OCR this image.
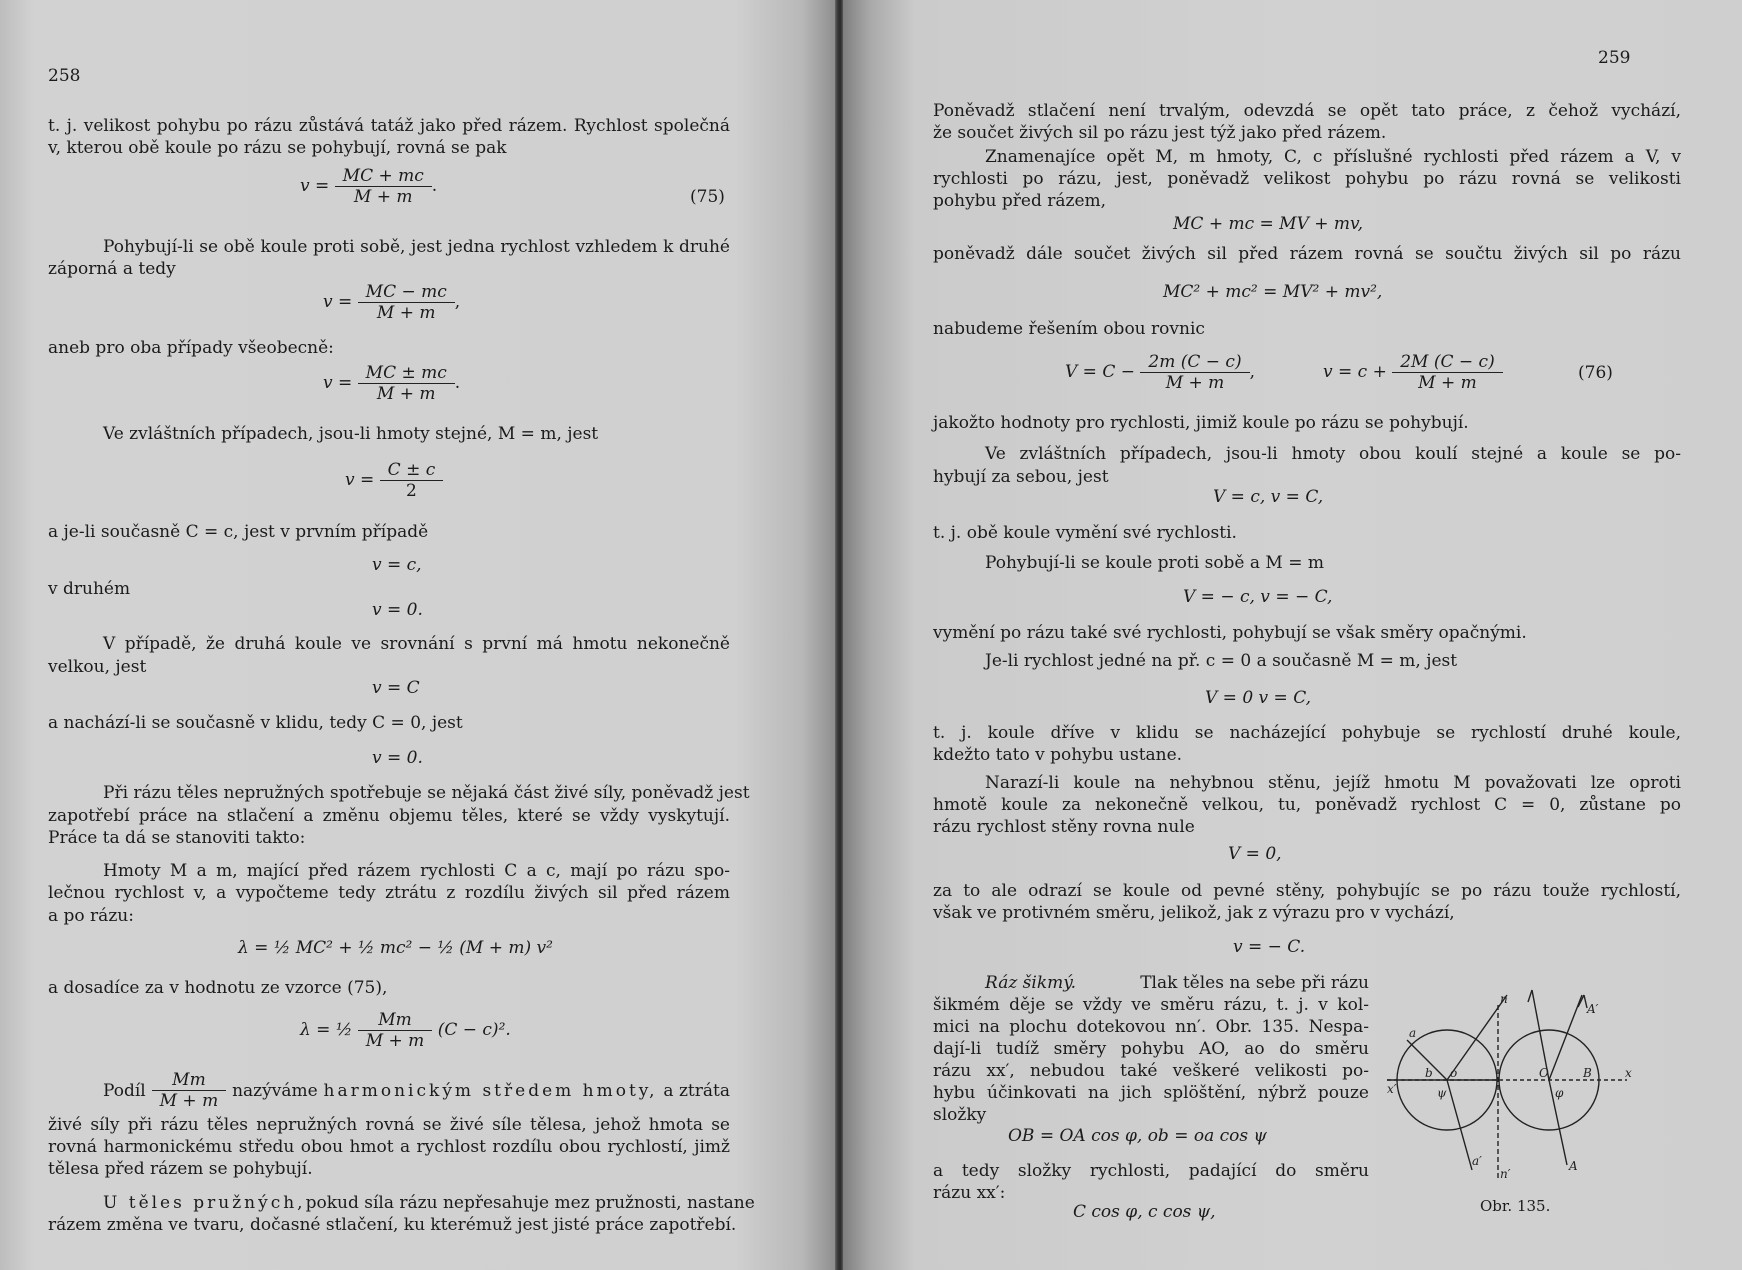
258
t. j. velikost pohybu po rázu zůstává tatáž jako před rázem. Rychlost společná
v, kterou obě koule po rázu se pohybují, rovná se pak
$v = \frac{MC + mc}{M + m}$ .
(75)
Pohybují-li se obě koule proti sobě, jest jedna rychlost vzhledem k druhé
záporná a tedy
$v = \frac{MC - mc}{M + m}$ ,
aneb pro oba případy všeobecně:
$v = \frac{MC \pm mc}{M + m}$ .
Ve zvláštních případech, jsou-li hmoty stejné, M = m, jest
$v = \frac{C \pm c}{2}$
a je-li současně C = c, jest v prvním případě
v = c,
v druhém
v = 0.
V případě, že druhá koule ve srovnání s první má hmotu nekonečně
velkou, jest
v = C
a nachází-li se současně v klidu, tedy C = 0, jest
v = 0.
Při rázu těles nepružných spotřebuje se nějaká část živé síly, poněvadž jest
zapotřebí práce na stlačení a změnu objemu těles, které se vždy vyskytují.
Práce ta dá se stanoviti takto:
Hmoty M a m, mající před rázem rychlosti C a c, mají po rázu spo-
lečnou rychlost v, a vypočteme tedy ztrátu z rozdílu živých sil před rázem
a po rázu:
λ = ½ MC² + ½ mc² − ½ (M + m) v²
a dosadíce za v hodnotu ze vzorce (75),
λ = ½ $\frac{Mm}{M + m} (C - c)^2$.
Podíl $\frac{Mm}{M + m}$ nazýváme harmonickým středem hmoty, a ztráta
živé síly při rázu těles nepružných rovná se živé síle tělesa, jehož hmota se
rovná harmonickému středu obou hmot a rychlost rozdílu obou rychlostí, jimž
tělesa před rázem se pohybují.
U těles pružných, pokud síla rázu nepřesahuje mez pružnosti, nastane
rázem změna ve tvaru, dočasné stlačení, ku kterémuž jest jisté práce zapotřebí.
259
Poněvadž stlačení není trvalým, odevzdá se opět tato práce, z čehož vychází,
že součet živých sil po rázu jest týž jako před rázem.
Znamenajíce opět M, m hmoty, C, c příslušné rychlosti před rázem a V, v
rychlosti po rázu, jest, poněvadž velikost pohybu po rázu rovná se velikosti
pohybu před rázem,
MC + mc = MV + mv,
poněvadž dále součet živých sil před rázem rovná se součtu živých sil po rázu
MC² + mc² = MV² + mv²,
nabudeme řešením obou rovnic
$V = C - \frac{2m (C - c)}{M + m}$ ,	$v = c + \frac{2M (C - c)}{M + m}$	(76)
jakožto hodnoty pro rychlosti, jimiž koule po rázu se pohybují.
Ve zvláštních případech, jsou-li hmoty obou koulí stejné a koule se po-
hybují za sebou, jest
V = c, v = C,
t. j. obě koule vymění své rychlosti.
Pohybují-li se koule proti sobě a M = m
V = − c, v = − C,
vymění po rázu také své rychlosti, pohybují se však směry opačnými.
Je-li rychlost jedné na př. c = 0 a současně M = m, jest
V = 0 v = C,
t. j. koule dříve v klidu se nacházející pohybuje se rychlostí druhé koule,
kdežto tato v pohybu ustane.
Narazí-li koule na nehybnou stěnu, jejíž hmotu M považovati lze oproti
hmotě koule za nekonečně velkou, tu, poněvadž rychlost C = 0, zůstane po
rázu rychlost stěny rovna nule
V = 0,
za to ale odrazí se koule od pevné stěny, pohybujíc se po rázu touže rychlostí,
však ve protivném směru, jelikož, jak z výrazu pro v vychází,
v = − C.
Ráz šikmý.	Tlak těles na sebe při rázu
šikmém děje se vždy ve směru rázu, t. j. v kol-
mici na plochu dotekovou nn′. Obr. 135. Nespa-
dají-li tudíž směry pohybu AO, ao do směru
rázu xx′, nebudou také veškeré velikosti po-
hybu účinkovati na jich splöštění, nýbrž pouze
složky
OB = OA cos φ, ob = oa cos ψ
a tedy složky rychlosti, padající do směru
rázu xx′:
C cos φ, c cos ψ,
n
n′
a
a′	A
A′
b	B
o	O	x
x′	φ
ψ
Obr. 135.
